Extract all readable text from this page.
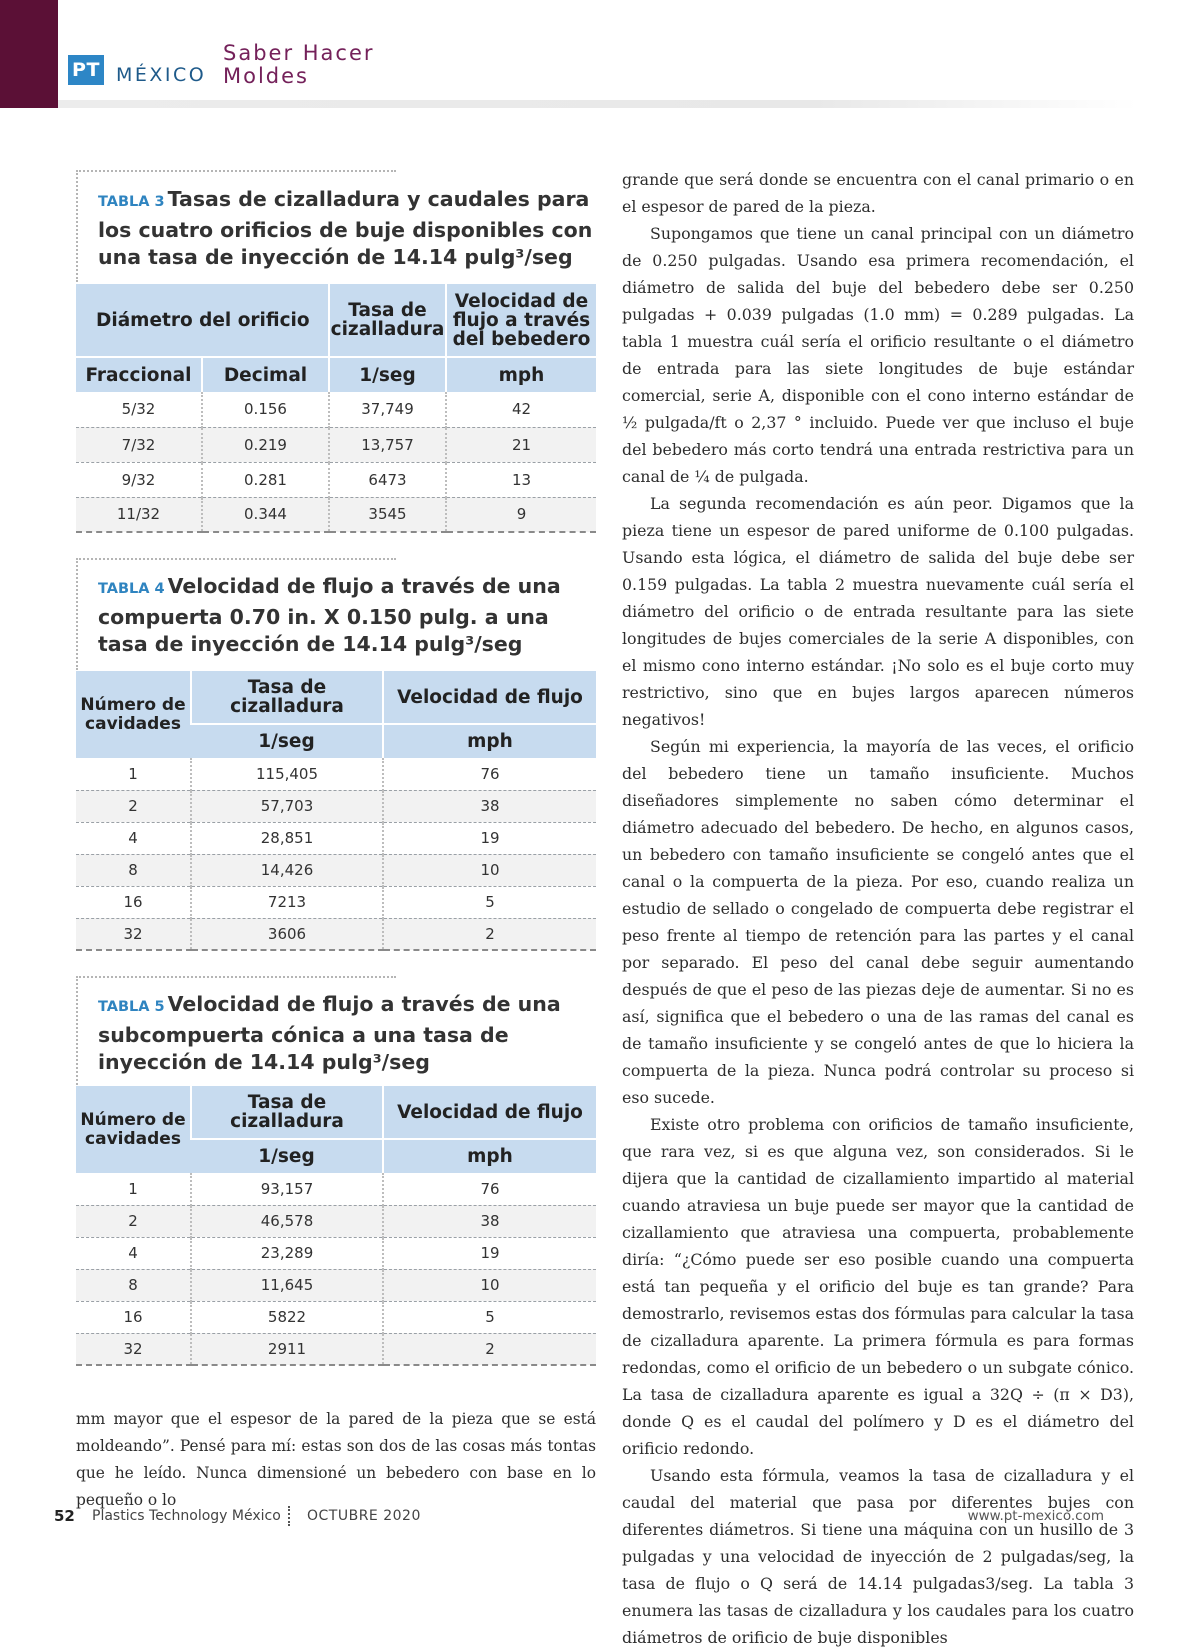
PT MÉXICO
Saber Hacer
Moldes
TABLA 3 Tasas de cizalladura y caudales para los cuatro orificios de buje disponibles con una tasa de inyección de 14.14 pulg³/seg
Diámetro del orificio		Tasa de cizalladura	Velocidad de flujo a través del bebedero
Fraccional	Decimal	1/seg	mph
5/32	0.156	37,749	42
7/32	0.219	13,757	21
9/32	0.281	6473	13
11/32	0.344	3545	9
TABLA 4 Velocidad de flujo a través de una compuerta 0.70 in. X 0.150 pulg. a una tasa de inyección de 14.14 pulg³/seg
Número de cavidades	Tasa de cizalladura	Velocidad de flujo
	1/seg	mph
1	115,405	76
2	57,703	38
4	28,851	19
8	14,426	10
16	7213	5
32	3606	2
TABLA 5 Velocidad de flujo a través de una subcompuerta cónica a una tasa de inyección de 14.14 pulg³/seg
Número de cavidades	Tasa de cizalladura	Velocidad de flujo
	1/seg	mph
1	93,157	76
2	46,578	38
4	23,289	19
8	11,645	10
16	5822	5
32	2911	2

mm mayor que el espesor de la pared de la pieza que se está moldeando”. Pensé para mí: estas son dos de las cosas más tontas que he leído. Nunca dimensioné un bebedero con base en lo pequeño o lo

grande que será donde se encuentra con el canal primario o en el espesor de pared de la pieza.

Supongamos que tiene un canal principal con un diámetro de 0.250 pulgadas. Usando esa primera recomendación, el diámetro de salida del buje del bebedero debe ser 0.250 pulgadas + 0.039 pulgadas (1.0 mm) = 0.289 pulgadas. La tabla 1 muestra cuál sería el orificio resultante o el diámetro de entrada para las siete longitudes de buje estándar comercial, serie A, disponible con el cono interno estándar de ½ pulgada/ft o 2,37 ° incluido. Puede ver que incluso el buje del bebedero más corto tendrá una entrada restrictiva para un canal de ¼ de pulgada.

La segunda recomendación es aún peor. Digamos que la pieza tiene un espesor de pared uniforme de 0.100 pulgadas. Usando esta lógica, el diámetro de salida del buje debe ser 0.159 pulgadas. La tabla 2 muestra nuevamente cuál sería el diámetro del orificio o de entrada resultante para las siete longitudes de bujes comerciales de la serie A disponibles, con el mismo cono interno estándar. ¡No solo es el buje corto muy restrictivo, sino que en bujes largos aparecen números negativos!

Según mi experiencia, la mayoría de las veces, el orificio del bebedero tiene un tamaño insuficiente. Muchos diseñadores simplemente no saben cómo determinar el diámetro adecuado del bebedero. De hecho, en algunos casos, un bebedero con tamaño insuficiente se congeló antes que el canal o la compuerta de la pieza. Por eso, cuando realiza un estudio de sellado o congelado de compuerta debe registrar el peso frente al tiempo de retención para las partes y el canal por separado. El peso del canal debe seguir aumentando después de que el peso de las piezas deje de aumentar. Si no es así, significa que el bebedero o una de las ramas del canal es de tamaño insuficiente y se congeló antes de que lo hiciera la compuerta de la pieza. Nunca podrá controlar su proceso si eso sucede.

Existe otro problema con orificios de tamaño insuficiente, que rara vez, si es que alguna vez, son considerados. Si le dijera que la cantidad de cizallamiento impartido al material cuando atraviesa un buje puede ser mayor que la cantidad de cizallamiento que atraviesa una compuerta, probablemente diría: “¿Cómo puede ser eso posible cuando una compuerta está tan pequeña y el orificio del buje es tan grande? Para demostrarlo, revisemos estas dos fórmulas para calcular la tasa de cizalladura aparente. La primera fórmula es para formas redondas, como el orificio de un bebedero o un subgate cónico. La tasa de cizalladura aparente es igual a 32Q ÷ (π × D3), donde Q es el caudal del polímero y D es el diámetro del orificio redondo.

Usando esta fórmula, veamos la tasa de cizalladura y el caudal del material que pasa por diferentes bujes con diferentes diámetros. Si tiene una máquina con un husillo de 3 pulgadas y una velocidad de inyección de 2 pulgadas/seg, la tasa de flujo o Q será de 14.14 pulgadas3/seg. La tabla 3 enumera las tasas de cizalladura y los caudales para los cuatro diámetros de orificio de buje disponibles

52 Plastics Technology México OCTUBRE 2020	www.pt-mexico.com
